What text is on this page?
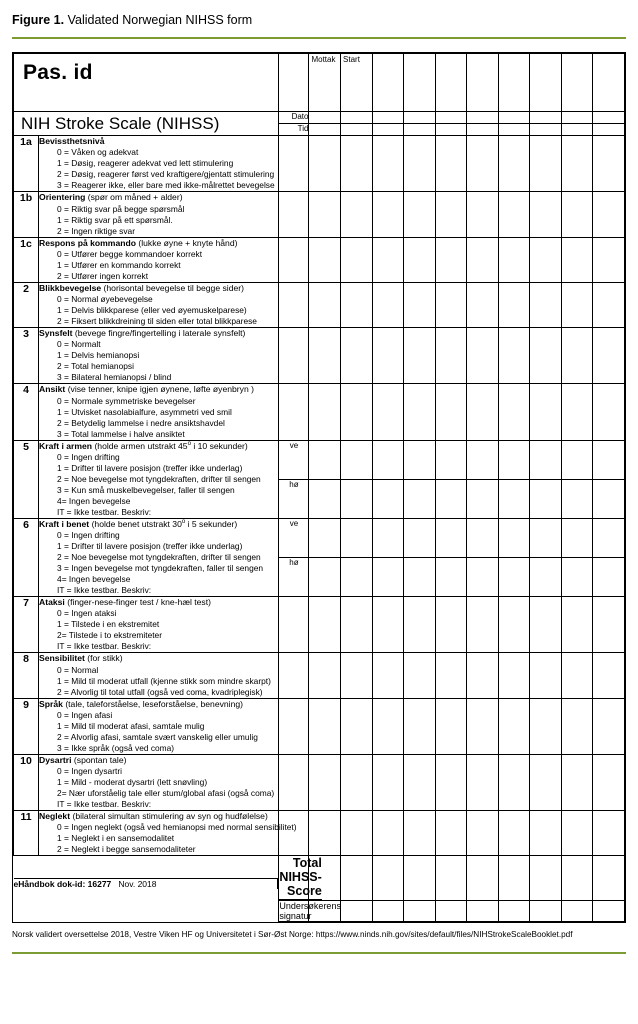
Figure 1. Validated Norwegian NIHSS form
Pas. id

Mottak	Start

NIH Stroke Scale (NIHSS)	Dato										
Tid										
1a	Bevissthetsnivå
0 = Våken og adekvat
1 = Døsig, reagerer adekvat ved lett stimulering
2 = Døsig, reagerer først ved kraftigere/gjentatt stimulering
3 = Reagerer ikke, eller bare med ikke-målrettet bevegelse

1b	Orientering (spør om måned + alder)
0 = Riktig svar på begge spørsmål
1 = Riktig svar på ett spørsmål.
2 = Ingen riktige svar

1c	Respons på kommando (lukke øyne + knyte hånd)
0 = Utfører begge kommandoer korrekt
1 = Utfører en kommando korrekt
2 = Utfører ingen korrekt

2	Blikkbevegelse (horisontal bevegelse til begge sider)
0 = Normal øyebevegelse
1 = Delvis blikkparese (eller ved øyemuskelparese)
2 = Fiksert blikkdreining til siden eller total blikkparese

3	Synsfelt (bevege fingre/fingertelling i laterale synsfelt)
0 = Normalt
1 = Delvis hemianopsi
2 = Total hemianopsi
3 = Bilateral hemianopsi / blind

4	Ansikt (vise tenner, knipe igjen øynene, løfte øyenbryn )
0 = Normale symmetriske bevegelser
1 = Utvisket nasolabialfure, asymmetri ved smil
2 = Betydelig lammelse i nedre ansiktshavdel
3 = Total lammelse i halve ansiktet

5	Kraft i armen (holde armen utstrakt 45$^o$ i 10 sekunder)
0 = Ingen drifting
1 = Drifter til lavere posisjon (treffer ikke underlag)
2 = Noe bevegelse mot tyngdekraften, drifter til sengen
3 = Kun små muskelbevegelser, faller til sengen
4= Ingen bevegelse
IT = Ikke testbar. Beskriv:
	ve										
hø										
6	Kraft i benet (holde benet utstrakt 30$^o$ i 5 sekunder)
0 = Ingen drifting
1 = Drifter til lavere posisjon (treffer ikke underlag)
2 = Noe bevegelse mot tyngdekraften, drifter til sengen
3 = Ingen bevegelse mot tyngdekraften, faller til sengen
4= Ingen bevegelse
IT = Ikke testbar. Beskriv:
	ve										
hø										
7	Ataksi (finger-nese-finger test / kne-hæl test)
0 = Ingen ataksi
1 = Tilstede i en ekstremitet
2= Tilstede i to ekstremiteter
IT = Ikke testbar. Beskriv:

8	Sensibilitet (for stikk)
0 = Normal
1 = Mild til moderat utfall (kjenne stikk som mindre skarpt)
2 = Alvorlig til total utfall (også ved coma, kvadriplegisk)

9	Språk (tale, taleforståelse, leseforståelse, benevning)
0 = Ingen afasi
1 = Mild til moderat afasi, samtale mulig
2 = Alvorlig afasi, samtale svært vanskelig eller umulig
3 = Ikke språk (også ved coma)

10	Dysartri (spontan tale)
0 = Ingen dysartri
1 = Mild - moderat dysartri (lett snøvling)
2= Nær uforståelig tale eller stum/global afasi (også coma)
IT = Ikke testbar. Beskriv:

11	Neglekt (bilateral simultan stimulering av syn og hudfølelse)
0 = Ingen neglekt (også ved hemianopsi med normal sensibilitet)
1 = Neglekt i en sansemodalitet
2 = Neglekt i begge sansemodaliteter

eHåndbok dok-id: 16277 Nov. 2018
	Total NIHSS-Score										
Undersøkerens signatur										
Norsk validert oversettelse 2018, Vestre Viken HF og Universitetet i Sør-Øst Norge: https://www.ninds.nih.gov/sites/default/files/NIHStrokeScaleBooklet.pdf
